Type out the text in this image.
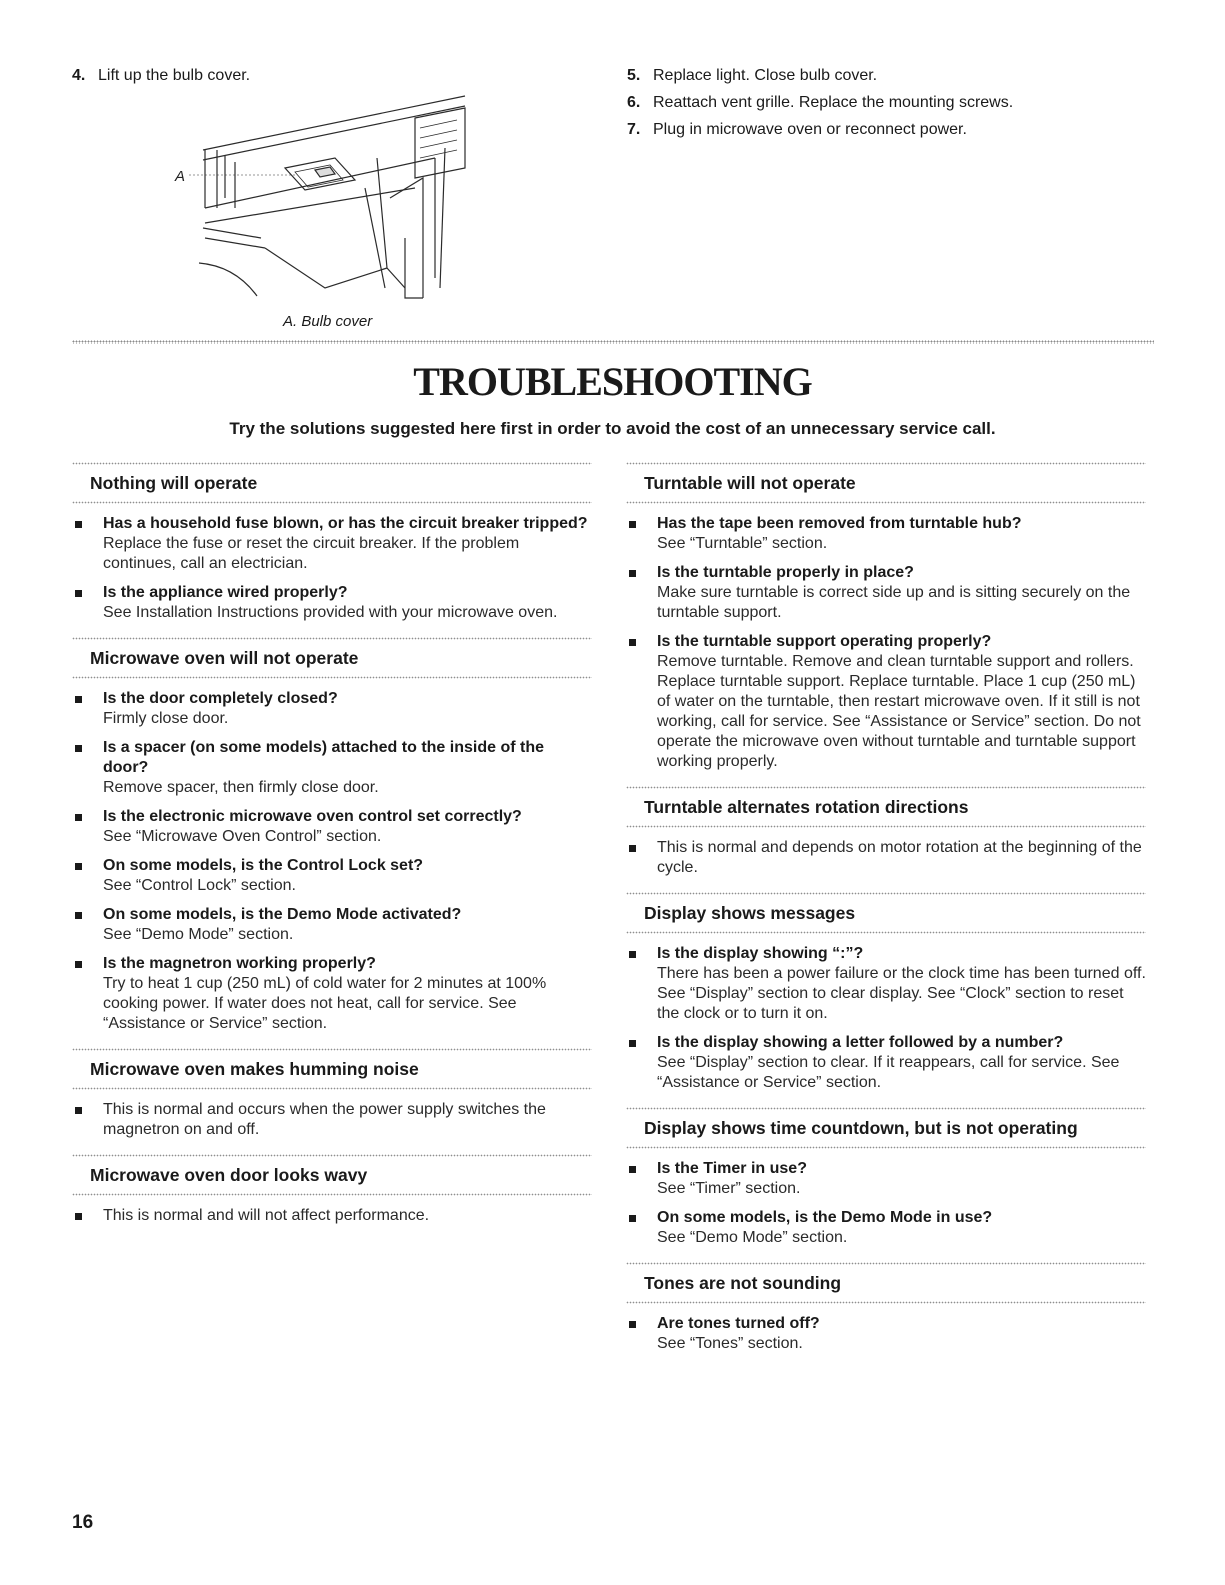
4. Lift up the bulb cover.	5. Replace light. Close bulb cover.
6. Reattach vent grille. Replace the mounting screws.
7. Plug in microwave oven or reconnect power.
A
A. Bulb cover
TROUBLESHOOTING
Try the solutions suggested here first in order to avoid the cost of an unnecessary service call.
Nothing will operate
Has a household fuse blown, or has the circuit breaker tripped?
Replace the fuse or reset the circuit breaker. If the problem continues, call an electrician.
Is the appliance wired properly?
See Installation Instructions provided with your microwave oven.
Microwave oven will not operate
Is the door completely closed?
Firmly close door.
Is a spacer (on some models) attached to the inside of the door?
Remove spacer, then firmly close door.
Is the electronic microwave oven control set correctly?
See “Microwave Oven Control” section.
On some models, is the Control Lock set?
See “Control Lock” section.
On some models, is the Demo Mode activated?
See “Demo Mode” section.
Is the magnetron working properly?
Try to heat 1 cup (250 mL) of cold water for 2 minutes at 100% cooking power. If water does not heat, call for service. See “Assistance or Service” section.
Microwave oven makes humming noise
This is normal and occurs when the power supply switches the magnetron on and off.
Microwave oven door looks wavy
This is normal and will not affect performance.
Turntable will not operate
Has the tape been removed from turntable hub?
See “Turntable” section.
Is the turntable properly in place?
Make sure turntable is correct side up and is sitting securely on the turntable support.
Is the turntable support operating properly?
Remove turntable. Remove and clean turntable support and rollers. Replace turntable support. Replace turntable. Place 1 cup (250 mL) of water on the turntable, then restart microwave oven. If it still is not working, call for service. See “Assistance or Service” section. Do not operate the microwave oven without turntable and turntable support working properly.
Turntable alternates rotation directions
This is normal and depends on motor rotation at the beginning of the cycle.
Display shows messages
Is the display showing “:”?
There has been a power failure or the clock time has been turned off. See “Display” section to clear display. See “Clock” section to reset the clock or to turn it on.
Is the display showing a letter followed by a number?
See “Display” section to clear. If it reappears, call for service. See “Assistance or Service” section.
Display shows time countdown, but is not operating
Is the Timer in use?
See “Timer” section.
On some models, is the Demo Mode in use?
See “Demo Mode” section.
Tones are not sounding
Are tones turned off?
See “Tones” section.
16
